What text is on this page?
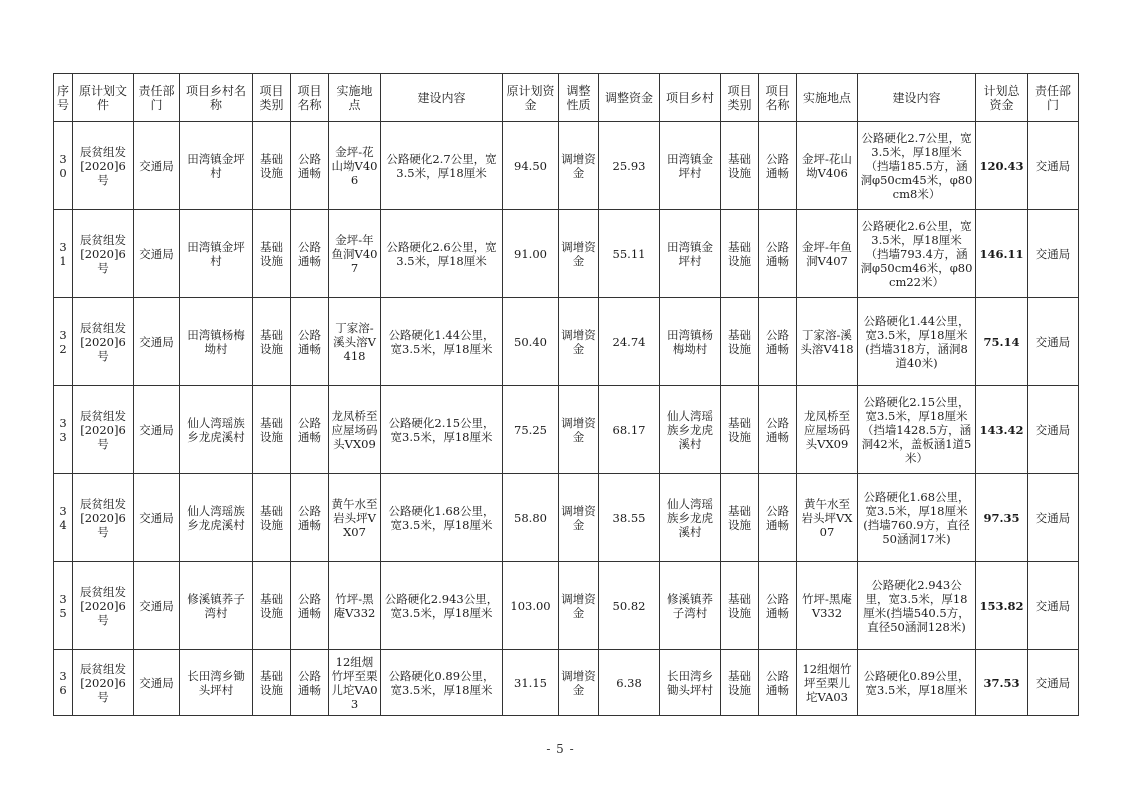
序号	原计划文件	责任部门	项目乡村名称	项目类别	项目名称	实施地点	建设内容	原计划资金	调整性质	调整资金	项目乡村	项目类别	项目名称	实施地点	建设内容	计划总资金	责任部门
30	辰贫组发[2020]6号	交通局	田湾镇金坪村	基础设施	公路通畅	金坪-花山坳V406	公路硬化2.7公里，宽3.5米，厚18厘米	94.50	调增资金	25.93	田湾镇金坪村	基础设施	公路通畅	金坪-花山坳V406	公路硬化2.7公里，宽3.5米，厚18厘米（挡墙185.5方，涵洞φ50cm45米，φ80cm8米）	120.43	交通局
31	辰贫组发[2020]6号	交通局	田湾镇金坪村	基础设施	公路通畅	金坪-年鱼洞V407	公路硬化2.6公里，宽3.5米，厚18厘米	91.00	调增资金	55.11	田湾镇金坪村	基础设施	公路通畅	金坪-年鱼洞V407	公路硬化2.6公里，宽3.5米，厚18厘米（挡墙793.4方，涵洞φ50cm46米，φ80cm22米）	146.11	交通局
32	辰贫组发[2020]6号	交通局	田湾镇杨梅坳村	基础设施	公路通畅	丁家溶-溪头溶V418	公路硬化1.44公里，宽3.5米，厚18厘米	50.40	调增资金	24.74	田湾镇杨梅坳村	基础设施	公路通畅	丁家溶-溪头溶V418	公路硬化1.44公里，宽3.5米，厚18厘米(挡墙318方，涵洞8道40米)	75.14	交通局
33	辰贫组发[2020]6号	交通局	仙人湾瑶族乡龙虎溪村	基础设施	公路通畅	龙凤桥至应屋场码头VX09	公路硬化2.15公里，宽3.5米，厚18厘米	75.25	调增资金	68.17	仙人湾瑶族乡龙虎溪村	基础设施	公路通畅	龙凤桥至应屋场码头VX09	公路硬化2.15公里，宽3.5米，厚18厘米（挡墙1428.5方，涵洞42米，盖板涵1道5米）	143.42	交通局
34	辰贫组发[2020]6号	交通局	仙人湾瑶族乡龙虎溪村	基础设施	公路通畅	黄午水至岩头坪VX07	公路硬化1.68公里，宽3.5米，厚18厘米	58.80	调增资金	38.55	仙人湾瑶族乡龙虎溪村	基础设施	公路通畅	黄午水至岩头坪VX07	公路硬化1.68公里，宽3.5米，厚18厘米(挡墙760.9方，直径50涵洞17米)	97.35	交通局
35	辰贫组发[2020]6号	交通局	修溪镇荞子湾村	基础设施	公路通畅	竹坪-黑庵V332	公路硬化2.943公里，宽3.5米，厚18厘米	103.00	调增资金	50.82	修溪镇荞子湾村	基础设施	公路通畅	竹坪-黑庵V332	公路硬化2.943公里，宽3.5米，厚18厘米(挡墙540.5方，直径50涵洞128米)	153.82	交通局
36	辰贫组发[2020]6号	交通局	长田湾乡锄头坪村	基础设施	公路通畅	12组烟竹坪至栗儿坨VA03	公路硬化0.89公里，宽3.5米，厚18厘米	31.15	调增资金	6.38	长田湾乡锄头坪村	基础设施	公路通畅	12组烟竹坪至栗儿坨VA03	公路硬化0.89公里，宽3.5米，厚18厘米	37.53	交通局
- 5 -
